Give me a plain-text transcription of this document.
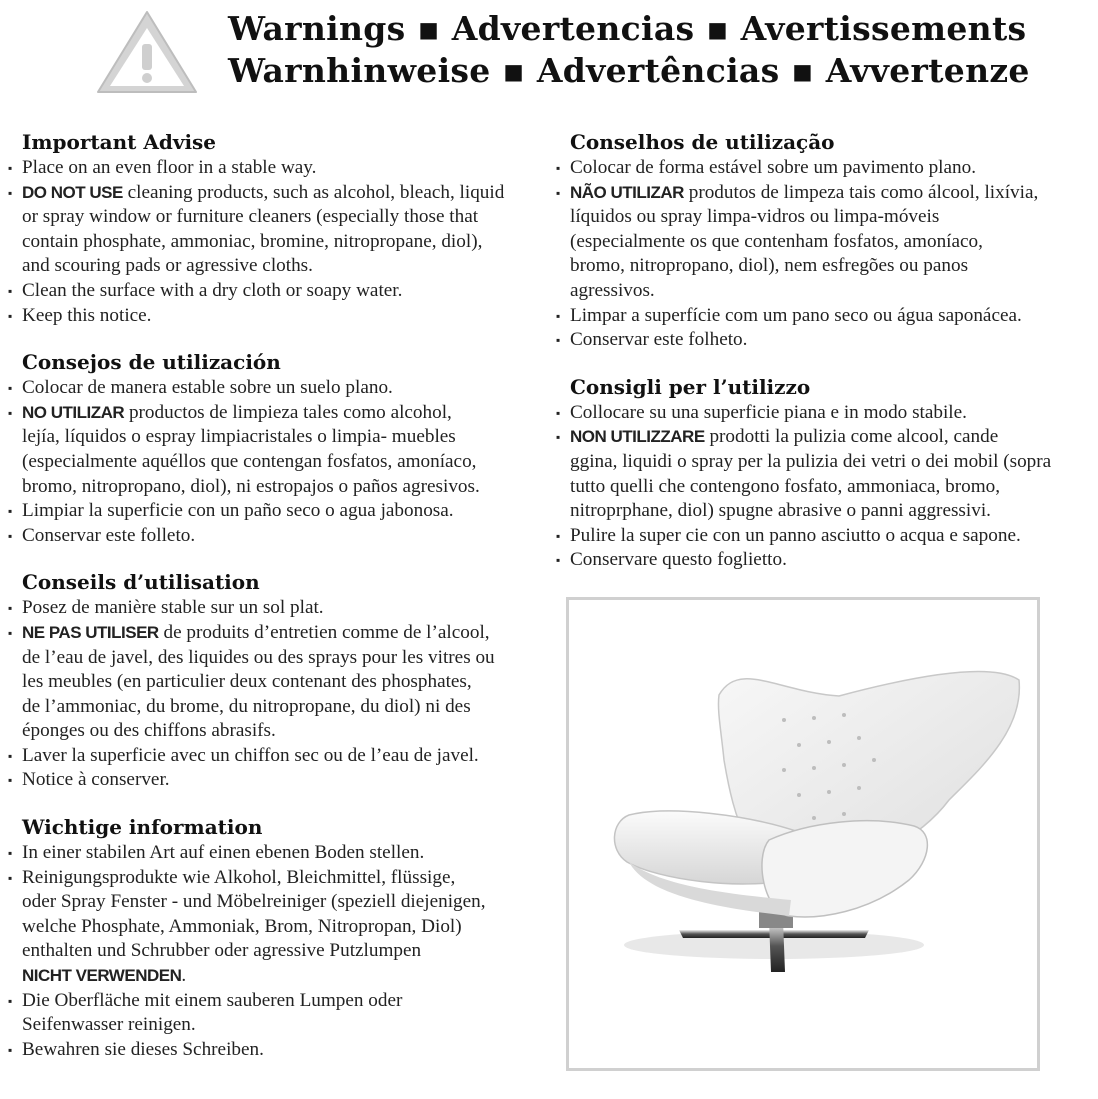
Warnings ▪ Advertencias ▪ Avertissements
Warnhinweise ▪ Advertências ▪ Avvertenze
Important Advise
▪ Place on an even floor in a stable way.
▪ DO NOT USE cleaning products, such as alcohol, bleach, liquid
or spray window or furniture cleaners (especially those that
contain phosphate, ammoniac, bromine, nitropropane, diol),
and scouring pads or agressive cloths.
▪ Clean the surface with a dry cloth or soapy water.
▪ Keep this notice.
Consejos de utilización
▪ Colocar de manera estable sobre un suelo plano.
▪ NO UTILIZAR productos de limpieza tales como alcohol,
lejía, líquidos o espray limpiacristales o limpia- muebles
(especialmente aquéllos que contengan fosfatos, amoníaco,
bromo, nitropropano, diol), ni estropajos o paños agresivos.
▪ Limpiar la superficie con un paño seco o agua jabonosa.
▪ Conservar este folleto.
Conseils d’utilisation
▪ Posez de manière stable sur un sol plat.
▪ NE PAS UTILISER de produits d’entretien comme de l’alcool,
de l’eau de javel, des liquides ou des sprays pour les vitres ou
les meubles (en particulier deux contenant des phosphates,
de l’ammoniac, du brome, du nitropropane, du diol) ni des
éponges ou des chiffons abrasifs.
▪ Laver la superficie avec un chiffon sec ou de l’eau de javel.
▪ Notice à conserver.
Wichtige information
▪ In einer stabilen Art auf einen ebenen Boden stellen.
▪ Reinigungsprodukte wie Alkohol, Bleichmittel, flüssige,
oder Spray Fenster - und Möbelreiniger (speziell diejenigen,
welche Phosphate, Ammoniak, Brom, Nitropropan, Diol)
enthalten und Schrubber oder agressive Putzlumpen
NICHT VERWENDEN.
▪ Die Oberfläche mit einem sauberen Lumpen oder
Seifenwasser reinigen.
▪ Bewahren sie dieses Schreiben.
Conselhos de utilização
▪ Colocar de forma estável sobre um pavimento plano.
▪ NÃO UTILIZAR produtos de limpeza tais como álcool, lixívia,
líquidos ou spray limpa-vidros ou limpa-móveis
(especialmente os que contenham fosfatos, amoníaco,
bromo, nitropropano, diol), nem esfregões ou panos
agressivos.
▪ Limpar a superfície com um pano seco ou água saponácea.
▪ Conservar este folheto.
Consigli per l’utilizzo
▪ Collocare su una superficie piana e in modo stabile.
▪ NON UTILIZZARE prodotti la pulizia come alcool, cande
ggina, liquidi o spray per la pulizia dei vetri o dei mobil (sopra
tutto quelli che contengono fosfato, ammoniaca, bromo,
nitroprphane, diol) spugne abrasive o panni aggressivi.
▪ Pulire la super cie con un panno asciutto o acqua e sapone.
▪ Conservare questo foglietto.
